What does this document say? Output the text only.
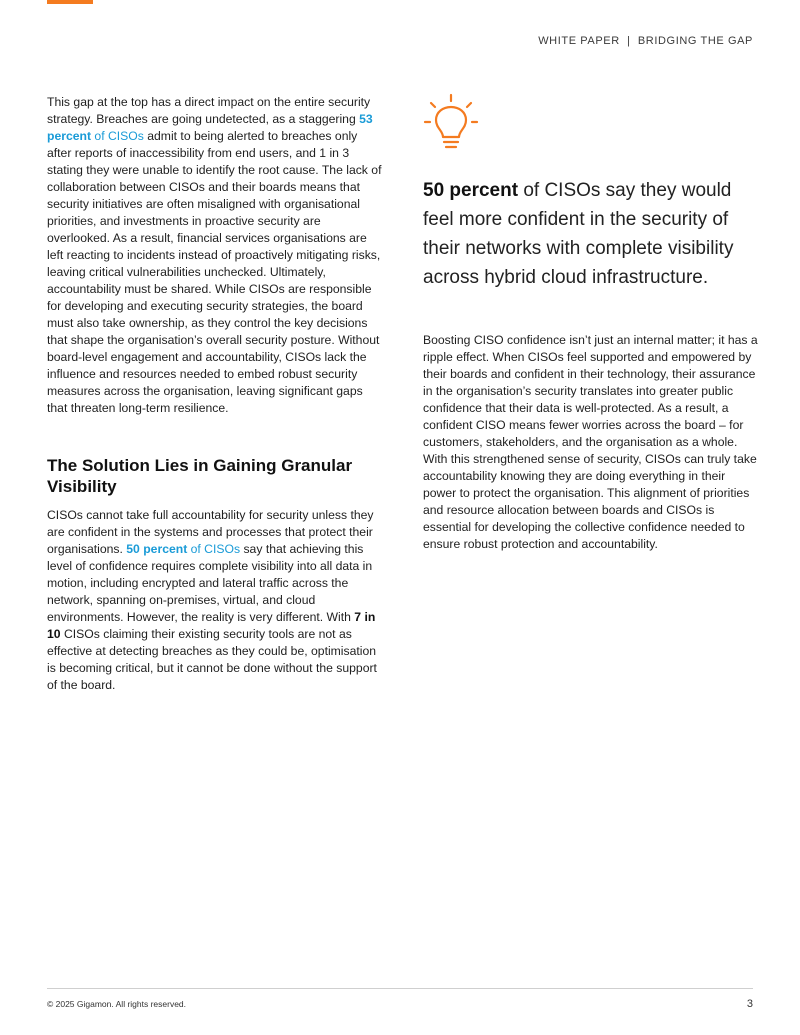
WHITE PAPER  |  BRIDGING THE GAP

This gap at the top has a direct impact on the entire security strategy. Breaches are going undetected, as a staggering 53 percent of CISOs admit to being alerted to breaches only after reports of inaccessibility from end users, and 1 in 3 stating they were unable to identify the root cause. The lack of collaboration between CISOs and their boards means that security initiatives are often misaligned with organisational priorities, and investments in proactive security are overlooked. As a result, financial services organisations are left reacting to incidents instead of proactively mitigating risks, leaving critical vulnerabilities unchecked. Ultimately, accountability must be shared. While CISOs are responsible for developing and executing security strategies, the board must also take ownership, as they control the key decisions that shape the organisation’s overall security posture. Without board-level engagement and accountability, CISOs lack the influence and resources needed to embed robust security measures across the organisation, leaving significant gaps that threaten long-term resilience.

The Solution Lies in Gaining Granular Visibility

CISOs cannot take full accountability for security unless they are confident in the systems and processes that protect their organisations. 50 percent of CISOs say that achieving this level of confidence requires complete visibility into all data in motion, including encrypted and lateral traffic across the network, spanning on-premises, virtual, and cloud environments. However, the reality is very different. With 7 in 10 CISOs claiming their existing security tools are not as effective at detecting breaches as they could be, optimisation is becoming critical, but it cannot be done without the support of the board.

50 percent of CISOs say they would feel more confident in the security of their networks with complete visibility across hybrid cloud infrastructure.

Boosting CISO confidence isn’t just an internal matter; it has a ripple effect. When CISOs feel supported and empowered by their boards and confident in their technology, their assurance in the organisation’s security translates into greater public confidence that their data is well-protected. As a result, a confident CISO means fewer worries across the board – for customers, stakeholders, and the organisation as a whole. With this strengthened sense of security, CISOs can truly take accountability knowing they are doing everything in their power to protect the organisation. This alignment of priorities and resource allocation between boards and CISOs is essential for developing the collective confidence needed to ensure robust protection and accountability.

© 2025 Gigamon. All rights reserved.	3
